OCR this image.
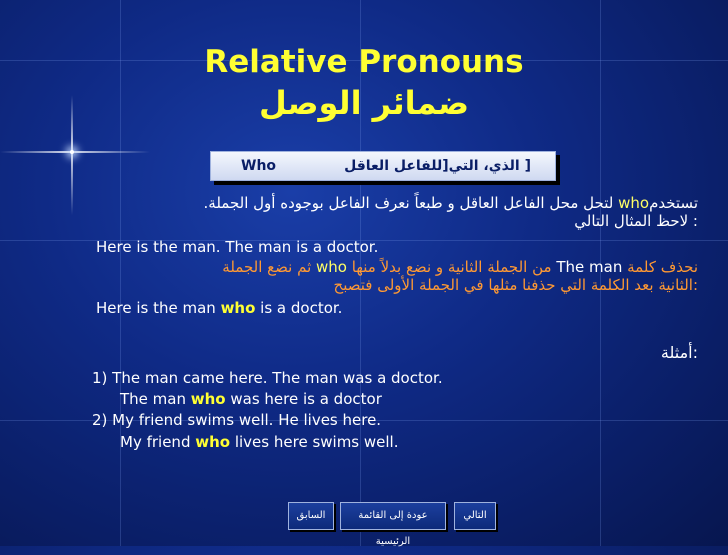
Relative Pronouns
ضمائر الوصل
Who	[ الذي، التي[للفاعل العاقل
تستخدمwho لتحل محل الفاعل العاقل و طبعاً نعرف الفاعل بوجوده أول الجملة.
: لاحظ المثال التالي
Here is the man. The man is a doctor.
نحذف كلمة The man من الجملة الثانية و نضع بدلاً منها who ثم نضع الجملة
:الثانية بعد الكلمة التي حذفنا مثلها في الجملة الأولى فتصبح
Here is the man who is a doctor.
:أمثلة
1) The man came here. The man was a doctor.
The man who was here is a doctor
2) My friend swims well. He lives here.
My friend who lives here swims well.
السابق	عودة إلى القائمة الرئيسية
التالي
